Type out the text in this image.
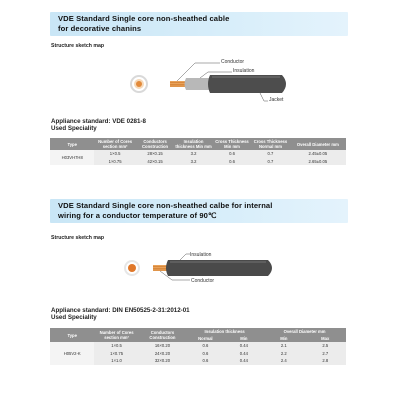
VDE Standard Single core non-sheathed cable
for decorative chanins
Structure sketch map
Conductor
Insulation
Jacket
Appliance standard: VDE 0281-8
Used Speciality
Type	Number of Cores section mm²	Conductors Construction	Insulation thickness Min mm	Cross Thickness Min mm	Cross Thickness Normal mm	Overall Diameter mm
H03VH7H8	1×0.5	28×0.15	3.2	0.6	0.7	2.45±0.05
	1×0.75	42×0.15	3.2	0.6	0.7	2.65±0.05
VDE Standard Single core non-sheathed calbe for internal
wiring for a conductor temperature of 90℃
Structure sketch map
Insulation
Conductor
Appliance standard: DIN EN50525-2-31:2012-01
Used Speciality
Type	Number of Cores section mm²	Conductors Construction	Insulation thickness		Overall Diameter mm	
			Normal	Min	Min	Max
H05V2-K	1×0.5	16×0.20	0.6	0.44	2.1	2.5
	1×0.75	24×0.20	0.6	0.44	2.2	2.7
	1×1.0	32×0.20	0.6	0.44	2.4	2.8
